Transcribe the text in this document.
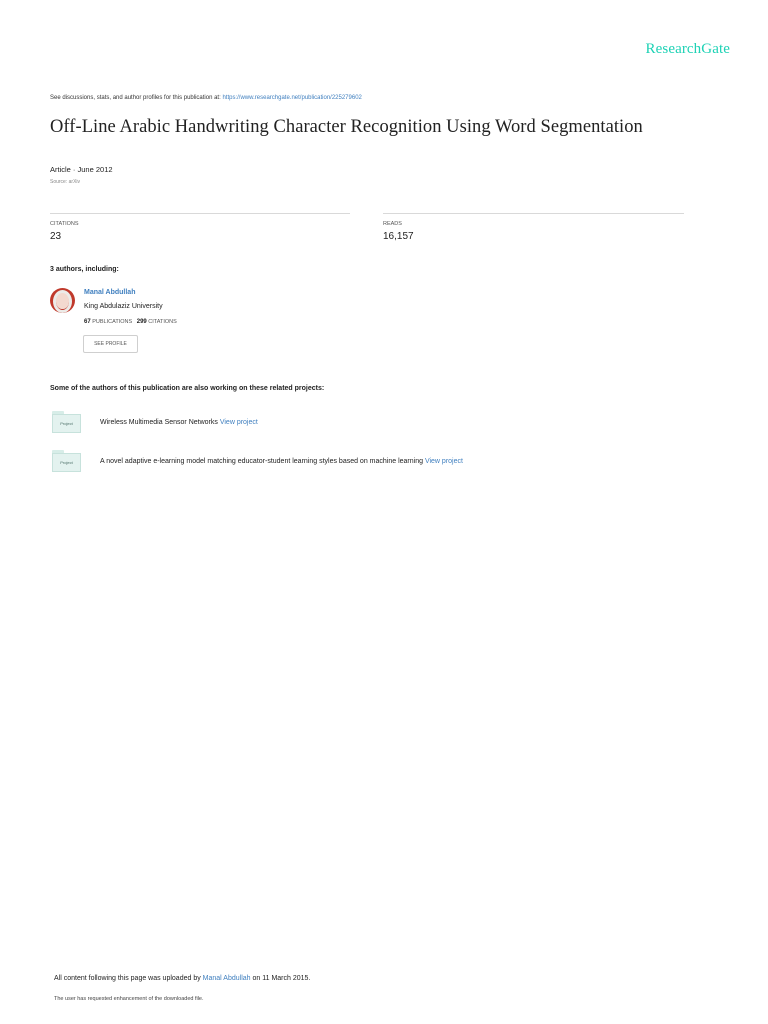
ResearchGate
See discussions, stats, and author profiles for this publication at: https://www.researchgate.net/publication/225279602
Off-Line Arabic Handwriting Character Recognition Using Word Segmentation
Article · June 2012
Source: arXiv
CITATIONS
23
READS
16,157
3 authors, including:
Manal Abdullah
King Abdulaziz University
67 PUBLICATIONS 299 CITATIONS
SEE PROFILE
Some of the authors of this publication are also working on these related projects:
Project	Wireless Multimedia Sensor Networks View project
Project	A novel adaptive e-learning model matching educator-student learning styles based on machine learning View project
All content following this page was uploaded by Manal Abdullah on 11 March 2015.
The user has requested enhancement of the downloaded file.
